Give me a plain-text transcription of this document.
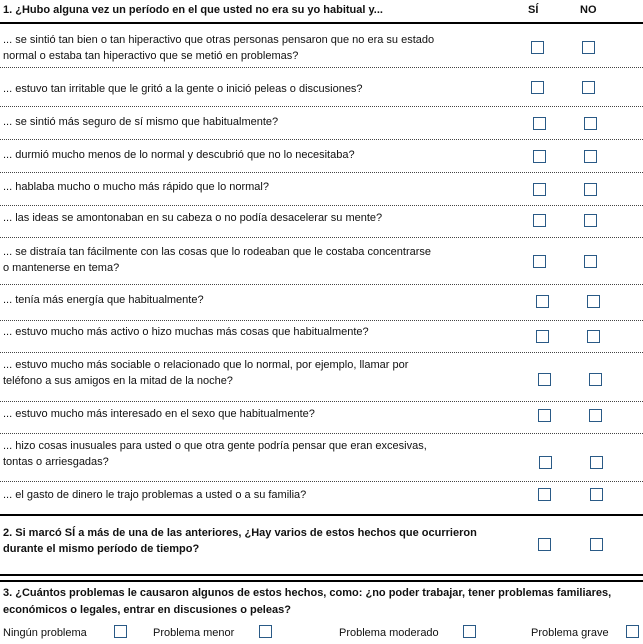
1. ¿Hubo alguna vez un período en el que usted no era su yo habitual y...	SÍ	NO
... se sintió tan bien o tan hiperactivo que otras personas pensaron que no era su estado
normal o estaba tan hiperactivo que se metió en problemas?
... estuvo tan irritable que le gritó a la gente o inició peleas o discusiones?
... se sintió más seguro de sí mismo que habitualmente?
... durmió mucho menos de lo normal y descubrió que no lo necesitaba?
... hablaba mucho o mucho más rápido que lo normal?
... las ideas se amontonaban en su cabeza o no podía desacelerar su mente?
... se distraía tan fácilmente con las cosas que lo rodeaban que le costaba concentrarse
o mantenerse en tema?
... tenía más energía que habitualmente?
... estuvo mucho más activo o hizo muchas más cosas que habitualmente?
... estuvo mucho más sociable o relacionado que lo normal, por ejemplo, llamar por
teléfono a sus amigos en la mitad de la noche?
... estuvo mucho más interesado en el sexo que habitualmente?
... hizo cosas inusuales para usted o que otra gente podría pensar que eran excesivas,
tontas o arriesgadas?
... el gasto de dinero le trajo problemas a usted o a su familia?
2. Si marcó SÍ a más de una de las anteriores, ¿Hay varios de estos hechos que ocurrieron
durante el mismo período de tiempo?
3. ¿Cuántos problemas le causaron algunos de estos hechos, como: ¿no poder trabajar, tener problemas familiares,
económicos o legales, entrar en discusiones o peleas?
Ningún problema	Problema menor	Problema moderado	Problema grave
